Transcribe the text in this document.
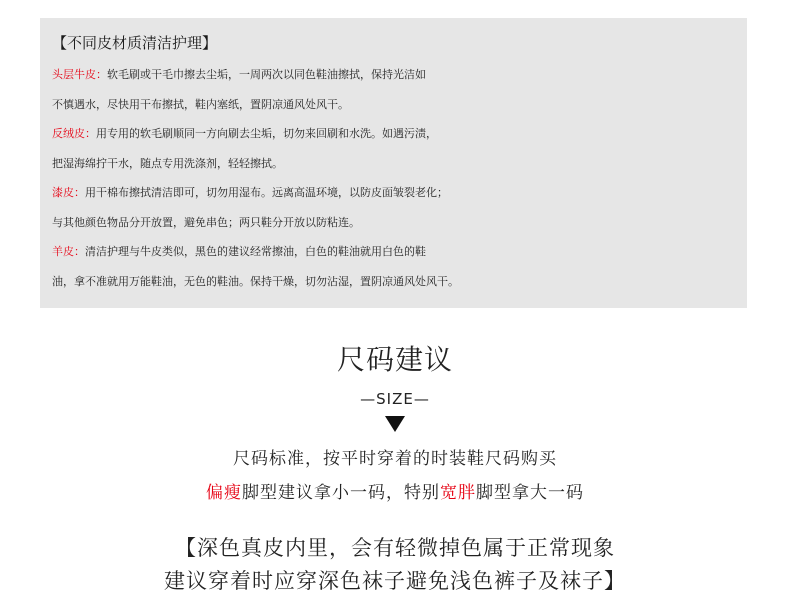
【不同皮材质清洁护理】
头层牛皮：软毛刷或干毛巾擦去尘垢，一周两次以同色鞋油擦拭，保持光洁如
不慎遇水，尽快用干布擦拭，鞋内塞纸，置阴凉通风处风干。
反绒皮：用专用的软毛刷顺同一方向刷去尘垢，切勿来回刷和水洗。如遇污渍，
把湿海绵拧干水，随点专用洗涤剂，轻轻擦拭。
漆皮：用干棉布擦拭清洁即可，切勿用湿布。远离高温环境，以防皮面皱裂老化；
与其他颜色物品分开放置，避免串色；两只鞋分开放以防粘连。
羊皮：清洁护理与牛皮类似，黑色的建议经常擦油，白色的鞋油就用白色的鞋
油，拿不准就用万能鞋油，无色的鞋油。保持干燥，切勿沾湿，置阴凉通风处风干。
尺码建议
—SIZE—
尺码标准，按平时穿着的时装鞋尺码购买
偏瘦脚型建议拿小一码，特别宽胖脚型拿大一码
【深色真皮内里，会有轻微掉色属于正常现象
建议穿着时应穿深色袜子避免浅色裤子及袜子】
